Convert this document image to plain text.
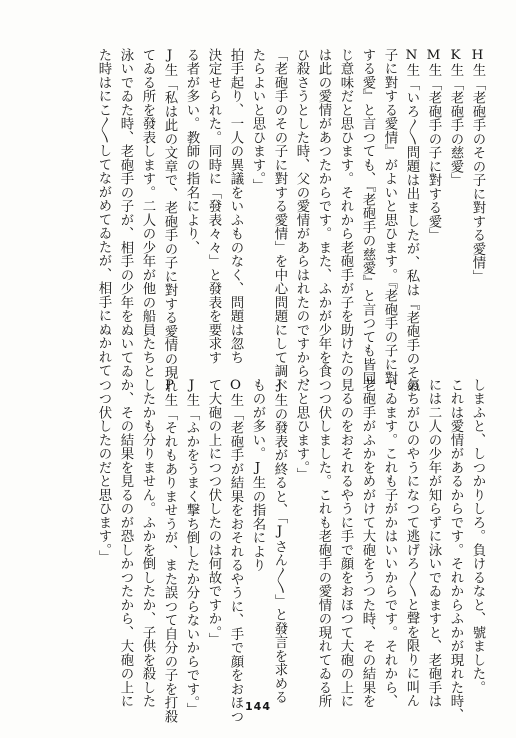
H生「老砲手のその子に對する愛情」
K生「老砲手の慈愛」
M生「老砲手の子に對する愛」
N生「いろ〳〵問題は出ましたが、私は『老砲手のその
子に對する愛情』がよいと思ひます。『老砲手の子に對
する愛』と言つても、『老砲手の慈愛』と言つても皆同
じ意味だと思ひます。それから老砲手が子を助けたの
は此の愛情があつたからです。また、ふかが少年を食
ひ殺さうとした時、父の愛情があらはれたのですから、
「老砲手のその子に對する愛情」を中心問題にして調べ
たらよいと思ひます。」
拍手起り、一人の異議をいふものなく、問題は忽ち
決定せられた。同時に「發表々々」と發表を要求す
る者が多い。教師の指名により、
J生「私は此の文章で、老砲手の子に對する愛情の現れ
てゐる所を發表します。二人の少年が他の船員たちと
泳いでゐた時、老砲手の子が、相手の少年をぬいてゐ
た時はにこ〳〵してながめてゐたが、相手にぬかれて
しまふと、しつかりしろ。負けるなと、號ました。
これは愛情があるからです。それからふかが現れた時、
には二人の少年が知らずに泳いでゐますと、老砲手は
氣ちがひのやうになつて逃げろ〳〵と聲を限りに叫ん
でゐます。これも子がかはいいからです。それから、
老砲手がふかをめがけて大砲をうつた時、その結果を
見るのをおそれるやうに手で顔をおほつて大砲の上に
つつ伏しました。これも老砲手の愛情の現れてゐる所
だと思ひます。」
J生の發表が終ると、「Jさん〳〵」と發言を求める
ものが多い。J生の指名により
O生「老砲手が結果をおそれるやうに、手で顔をおほつ
て大砲の上につつ伏したのは何故ですか。」
J生「ふかをうまく撃ち倒したか分らないからです。」
P生「それもありませうが、また誤つて自分の子を打殺
したかも分りません。ふかを倒したか、子供を殺した
か、その結果を見るのが恐しかつたから、大砲の上に
つつ伏したのだと思ひます。」
144
